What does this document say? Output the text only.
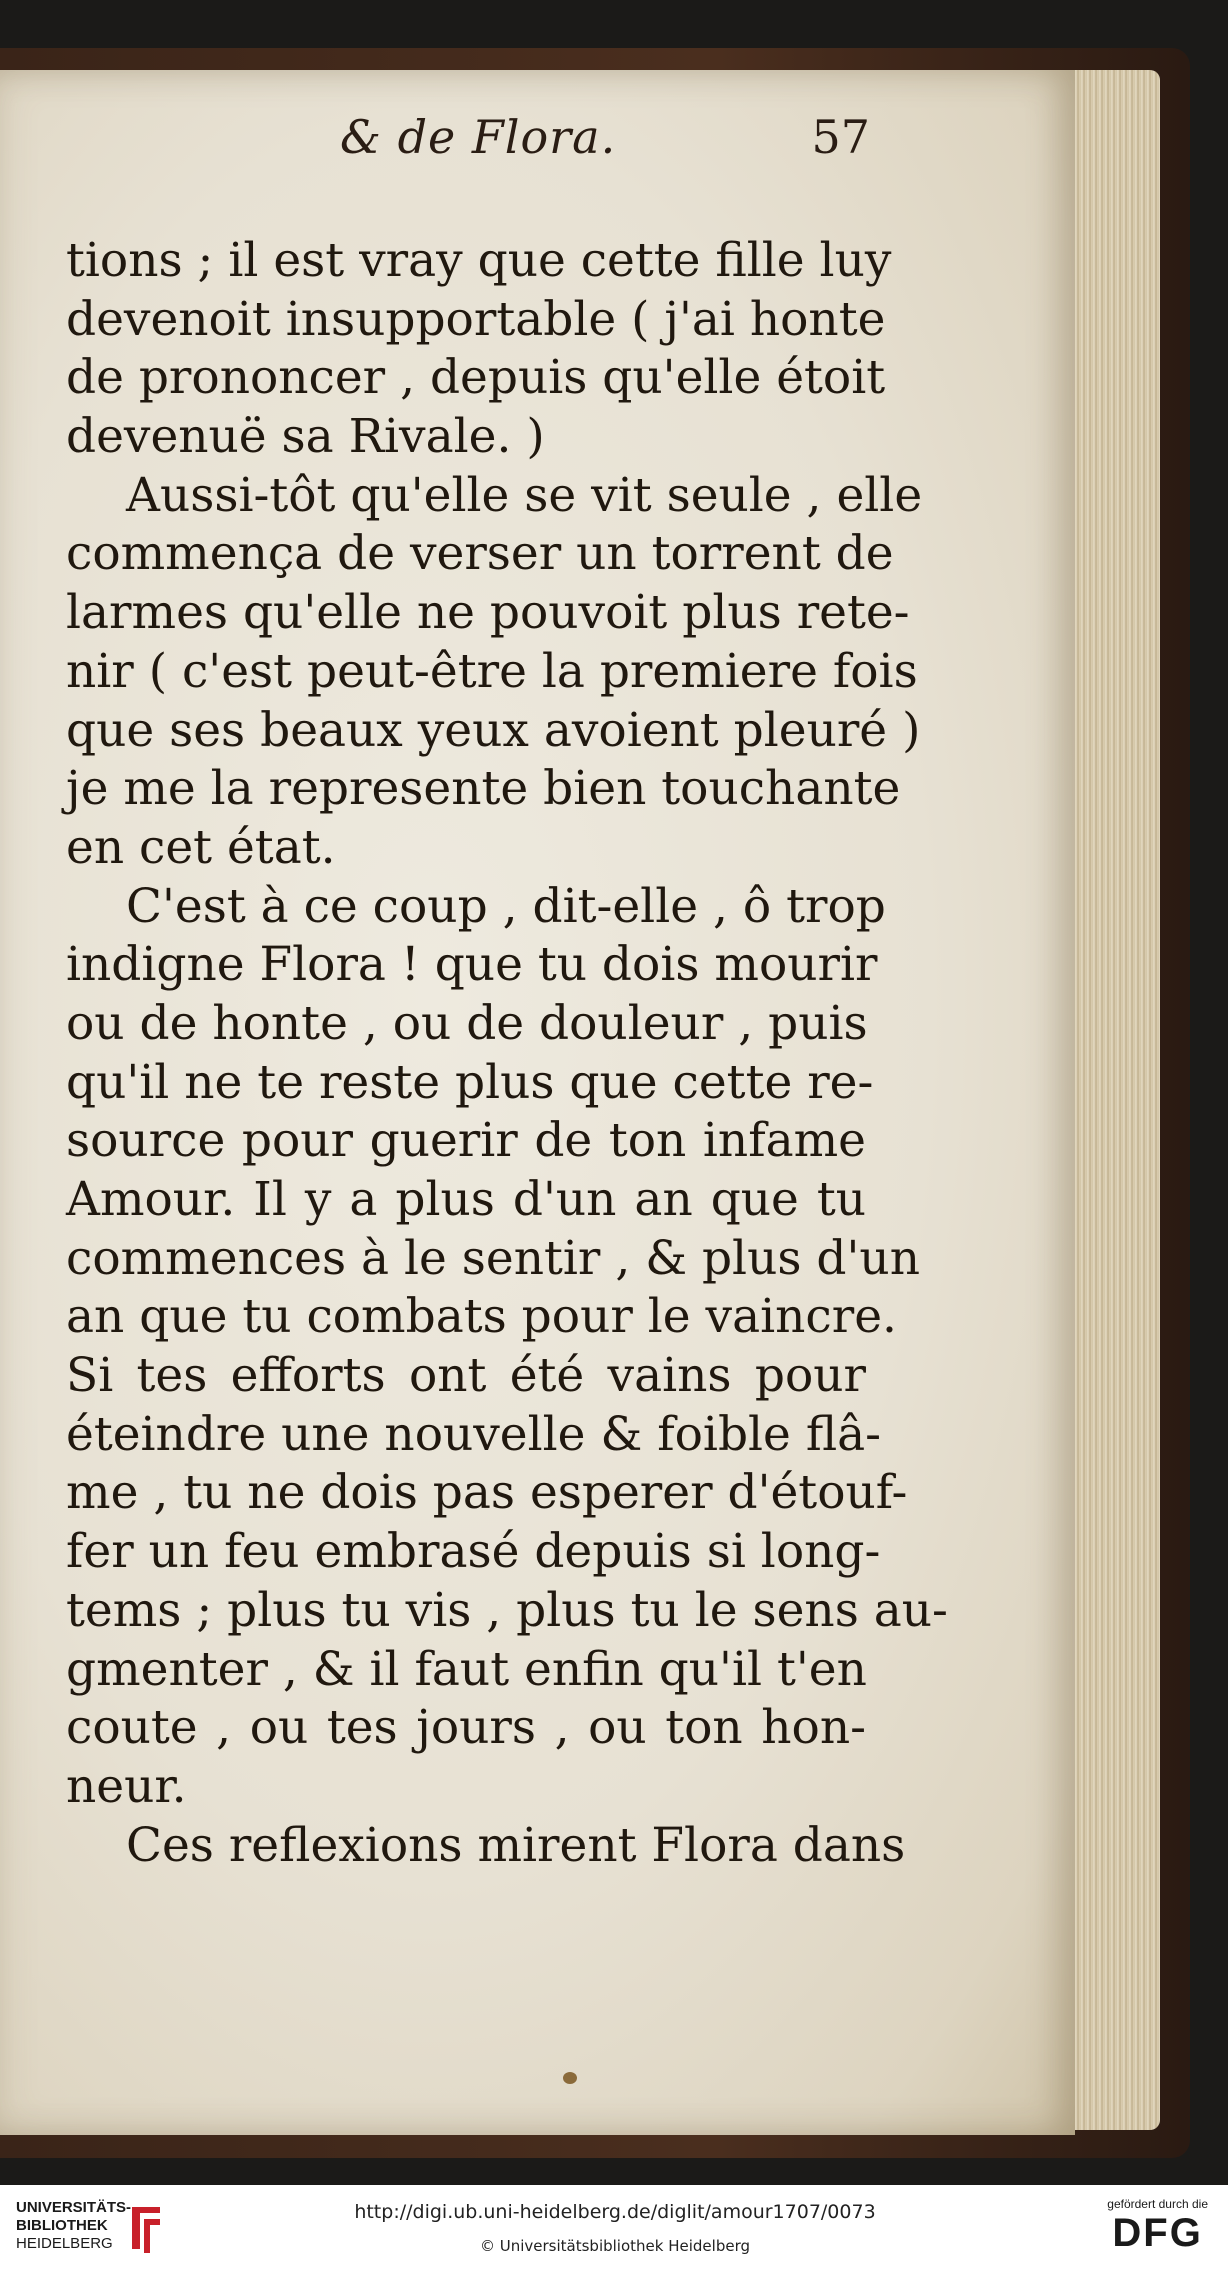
& de Flora.	57
tions ; il est vray que cette fille luy
devenoit insupportable ( j'ai honte
de prononcer , depuis qu'elle étoit
devenuë sa Rivale. )
Aussi-tôt qu'elle se vit seule , elle
commença de verser un torrent de
larmes qu'elle ne pouvoit plus rete-
nir ( c'est peut-être la premiere fois
que ses beaux yeux avoient pleuré )
je me la represente bien touchante
en cet état.
C'est à ce coup , dit-elle , ô trop
indigne Flora ! que tu dois mourir
ou de honte , ou de douleur , puis
qu'il ne te reste plus que cette re-
source pour guerir de ton infame
Amour. Il y a plus d'un an que tu
commences à le sentir , & plus d'un
an que tu combats pour le vaincre.
Si tes efforts ont été vains pour
éteindre une nouvelle & foible flâ-
me , tu ne dois pas esperer d'étouf-
fer un feu embrasé depuis si long-
tems ; plus tu vis , plus tu le sens au-
gmenter , & il faut enfin qu'il t'en
coute , ou tes jours , ou ton hon-
neur.
Ces reflexions mirent Flora dans
UNIVERSITÄTS-
BIBLIOTHEK
HEIDELBERG
http://digi.ub.uni-heidelberg.de/diglit/amour1707/0073
© Universitätsbibliothek Heidelberg
gefördert durch die
DFG
